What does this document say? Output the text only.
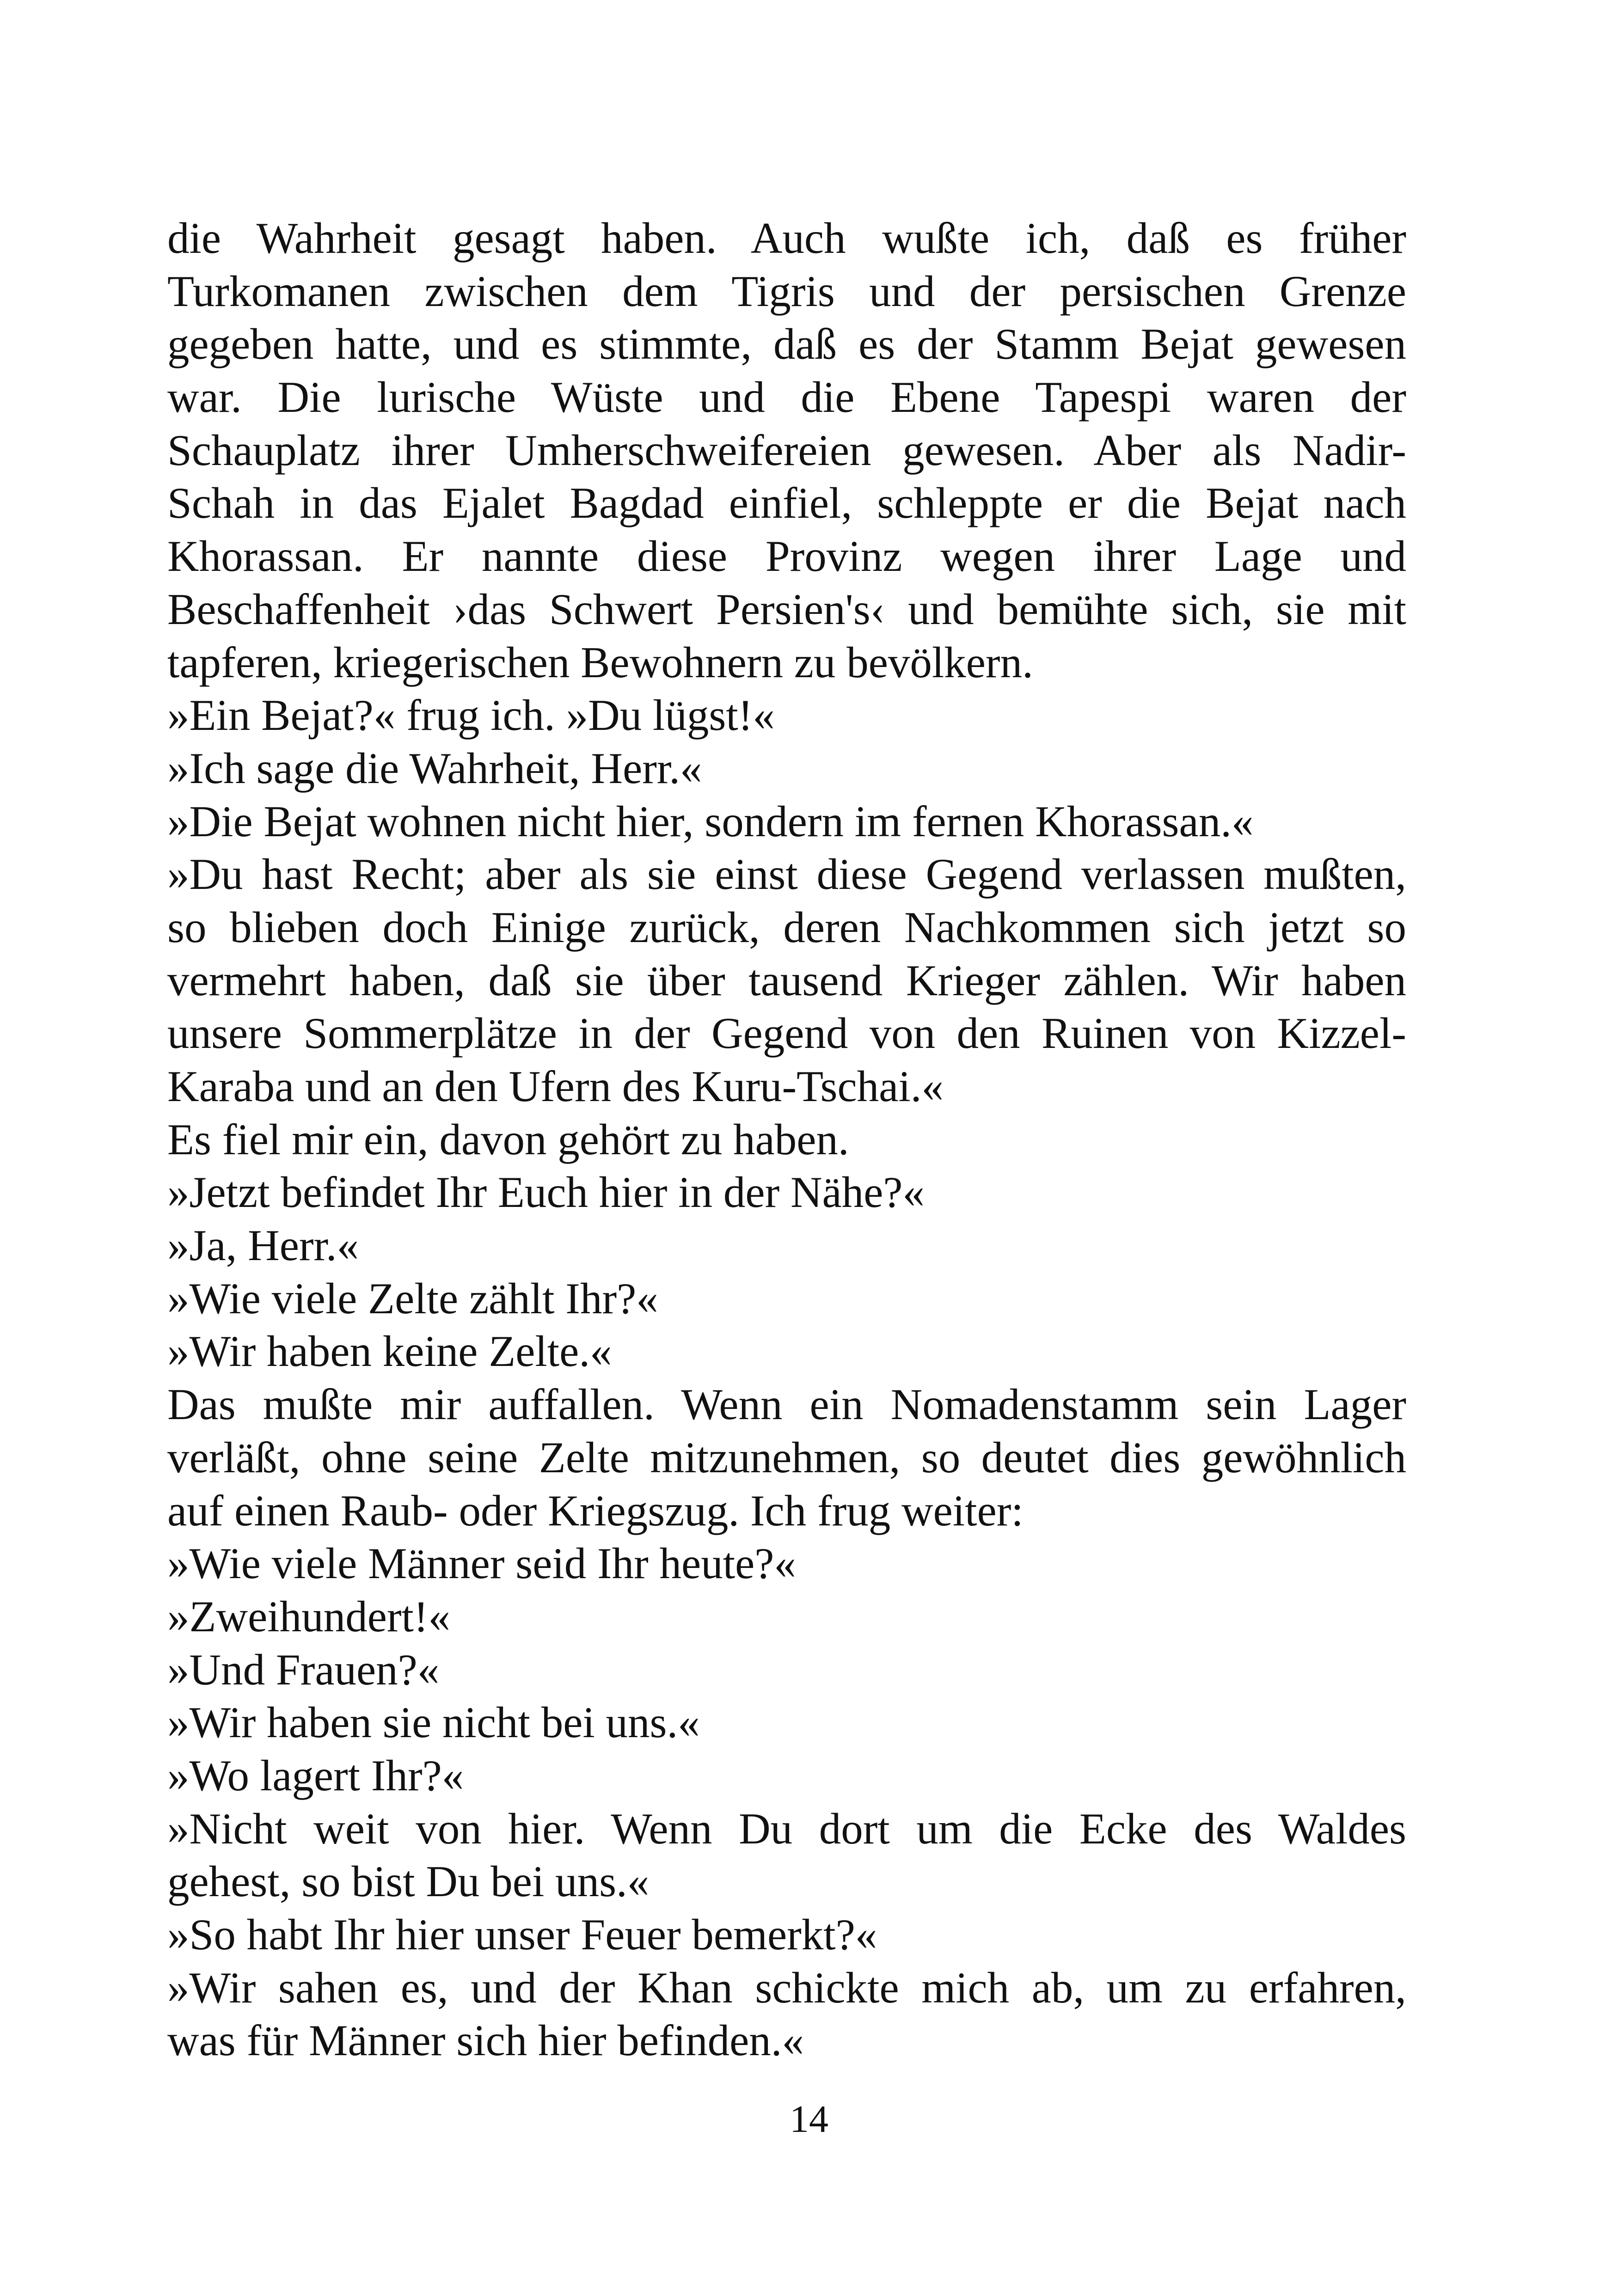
die Wahrheit gesagt haben. Auch wußte ich, daß es früher
Turkomanen zwischen dem Tigris und der persischen Grenze
gegeben hatte, und es stimmte, daß es der Stamm Bejat gewesen
war. Die lurische Wüste und die Ebene Tapespi waren der
Schauplatz ihrer Umherschweifereien gewesen. Aber als Nadir-
Schah in das Ejalet Bagdad einfiel, schleppte er die Bejat nach
Khorassan. Er nannte diese Provinz wegen ihrer Lage und
Beschaffenheit ›das Schwert Persien's‹ und bemühte sich, sie mit
tapferen, kriegerischen Bewohnern zu bevölkern.
»Ein Bejat?« frug ich. »Du lügst!«
»Ich sage die Wahrheit, Herr.«
»Die Bejat wohnen nicht hier, sondern im fernen Khorassan.«
»Du hast Recht; aber als sie einst diese Gegend verlassen mußten,
so blieben doch Einige zurück, deren Nachkommen sich jetzt so
vermehrt haben, daß sie über tausend Krieger zählen. Wir haben
unsere Sommerplätze in der Gegend von den Ruinen von Kizzel-
Karaba und an den Ufern des Kuru-Tschai.«
Es fiel mir ein, davon gehört zu haben.
»Jetzt befindet Ihr Euch hier in der Nähe?«
»Ja, Herr.«
»Wie viele Zelte zählt Ihr?«
»Wir haben keine Zelte.«
Das mußte mir auffallen. Wenn ein Nomadenstamm sein Lager
verläßt, ohne seine Zelte mitzunehmen, so deutet dies gewöhnlich
auf einen Raub- oder Kriegszug. Ich frug weiter:
»Wie viele Männer seid Ihr heute?«
»Zweihundert!«
»Und Frauen?«
»Wir haben sie nicht bei uns.«
»Wo lagert Ihr?«
»Nicht weit von hier. Wenn Du dort um die Ecke des Waldes
gehest, so bist Du bei uns.«
»So habt Ihr hier unser Feuer bemerkt?«
»Wir sahen es, und der Khan schickte mich ab, um zu erfahren,
was für Männer sich hier befinden.«
14
